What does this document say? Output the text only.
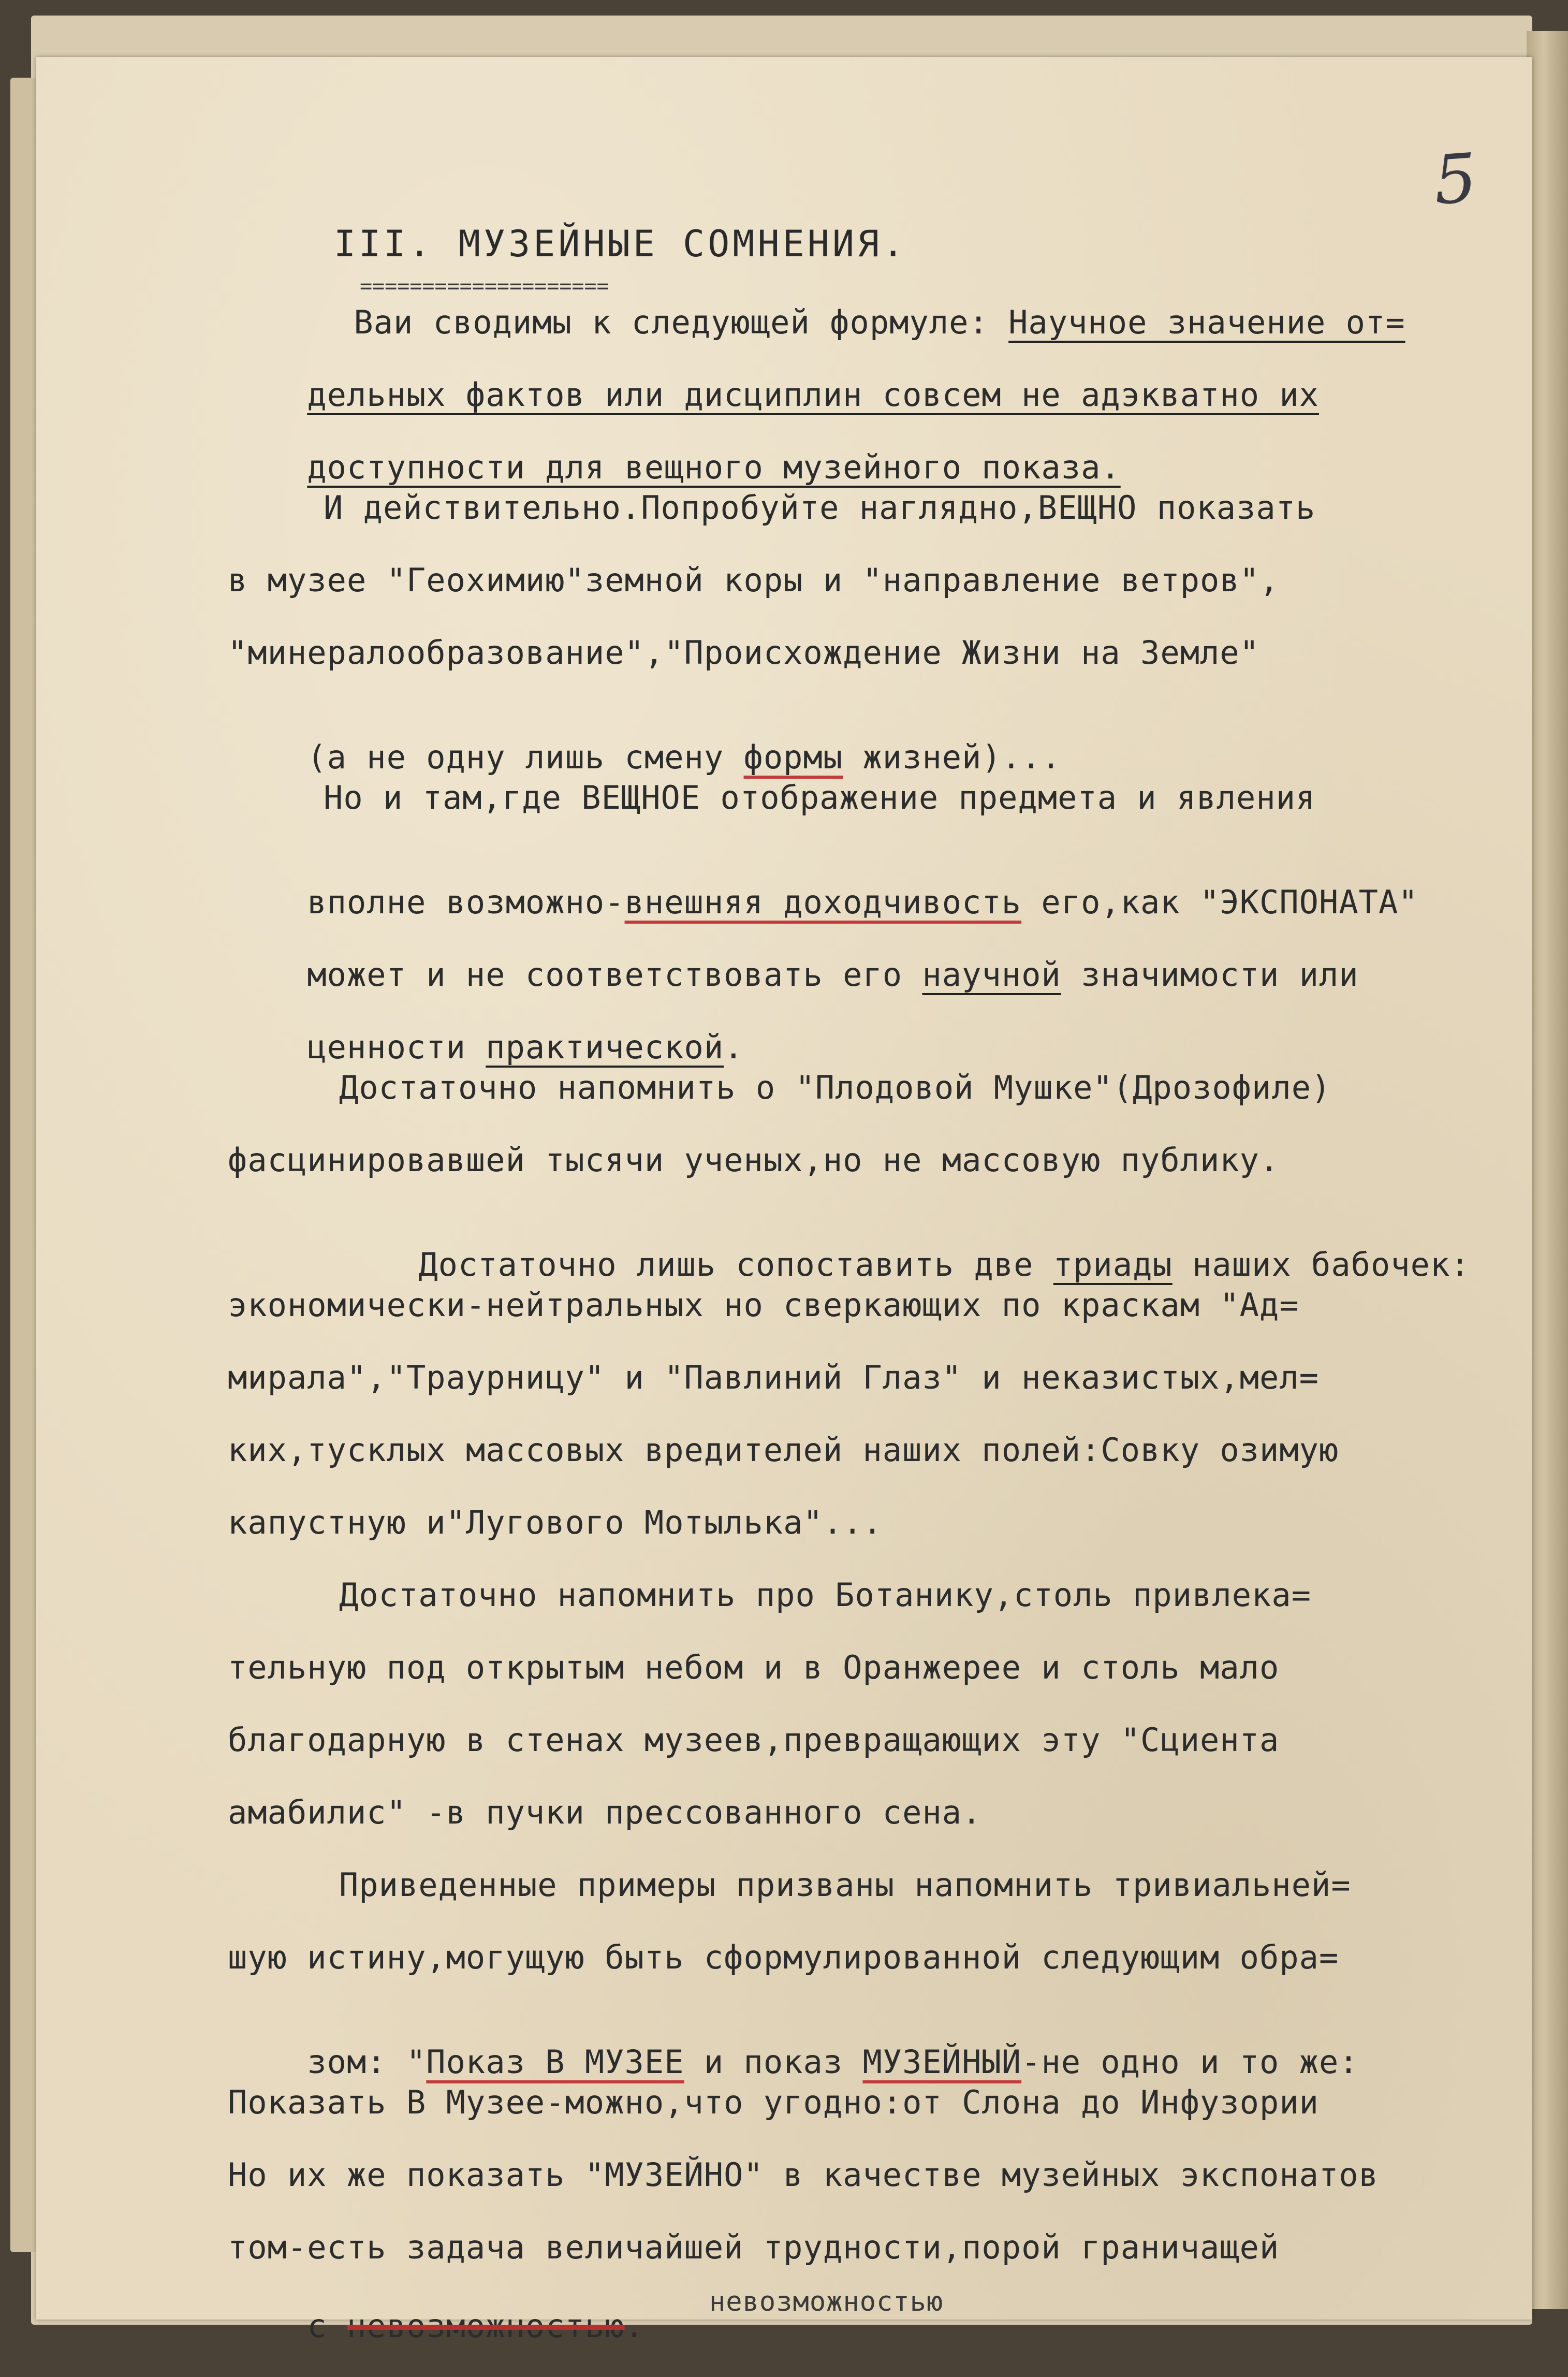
5
III. МУЗЕЙНЫЕ СОМНЕНИЯ.
====================
​

Ваи сводимы к следующей формуле: Научное значение от=

дельных фактов или дисциплин совсем не адэкватно их

доступности для вещного музейного показа.

И действительно.Попробуйте наглядно,ВЕЩНО показать
в музее "Геохимию"земной коры и "направление ветров",
"минералообразование","Происхождение Жизни на Земле"

(а не одну лишь смену формы жизней)...

Но и там,где ВЕЩНОЕ отображение предмета и явления

вполне возможно-внешняя доходчивость его,как "ЭКСПОНАТА"

может и не соответствовать его научной значимости или

ценности практической.

Достаточно напомнить о "Плодовой Мушке"(Дрозофиле)
фасцинировавшей тысячи ученых,но не массовую публику.

Достаточно лишь сопоставить две триады наших бабочек:

экономически-нейтральных но сверкающих по краскам "Ад=
мирала","Траурницу" и "Павлиний Глаз" и неказистых,мел=
ких,тусклых массовых вредителей наших полей:Совку озимую
капустную и"Лугового Мотылька"...
Достаточно напомнить про Ботанику,столь привлека=
тельную под открытым небом и в Оранжерее и столь мало
благодарную в стенах музеев,превращающих эту "Сциента
амабилис" -в пучки прессованного сена.
Приведенные примеры призваны напомнить тривиальней=
шую истину,могущую быть сформулированной следующим обра=

зом: "Показ В МУЗЕЕ и показ МУЗЕЙНЫЙ-не одно и то же:

Показать В Музее-можно,что угодно:от Слона до Инфузории
Но их же показать "МУЗЕЙНО" в качестве музейных экспонатов
том-есть задача величайшей трудности,порой граничащей

с невозможностью.

невозможностью
